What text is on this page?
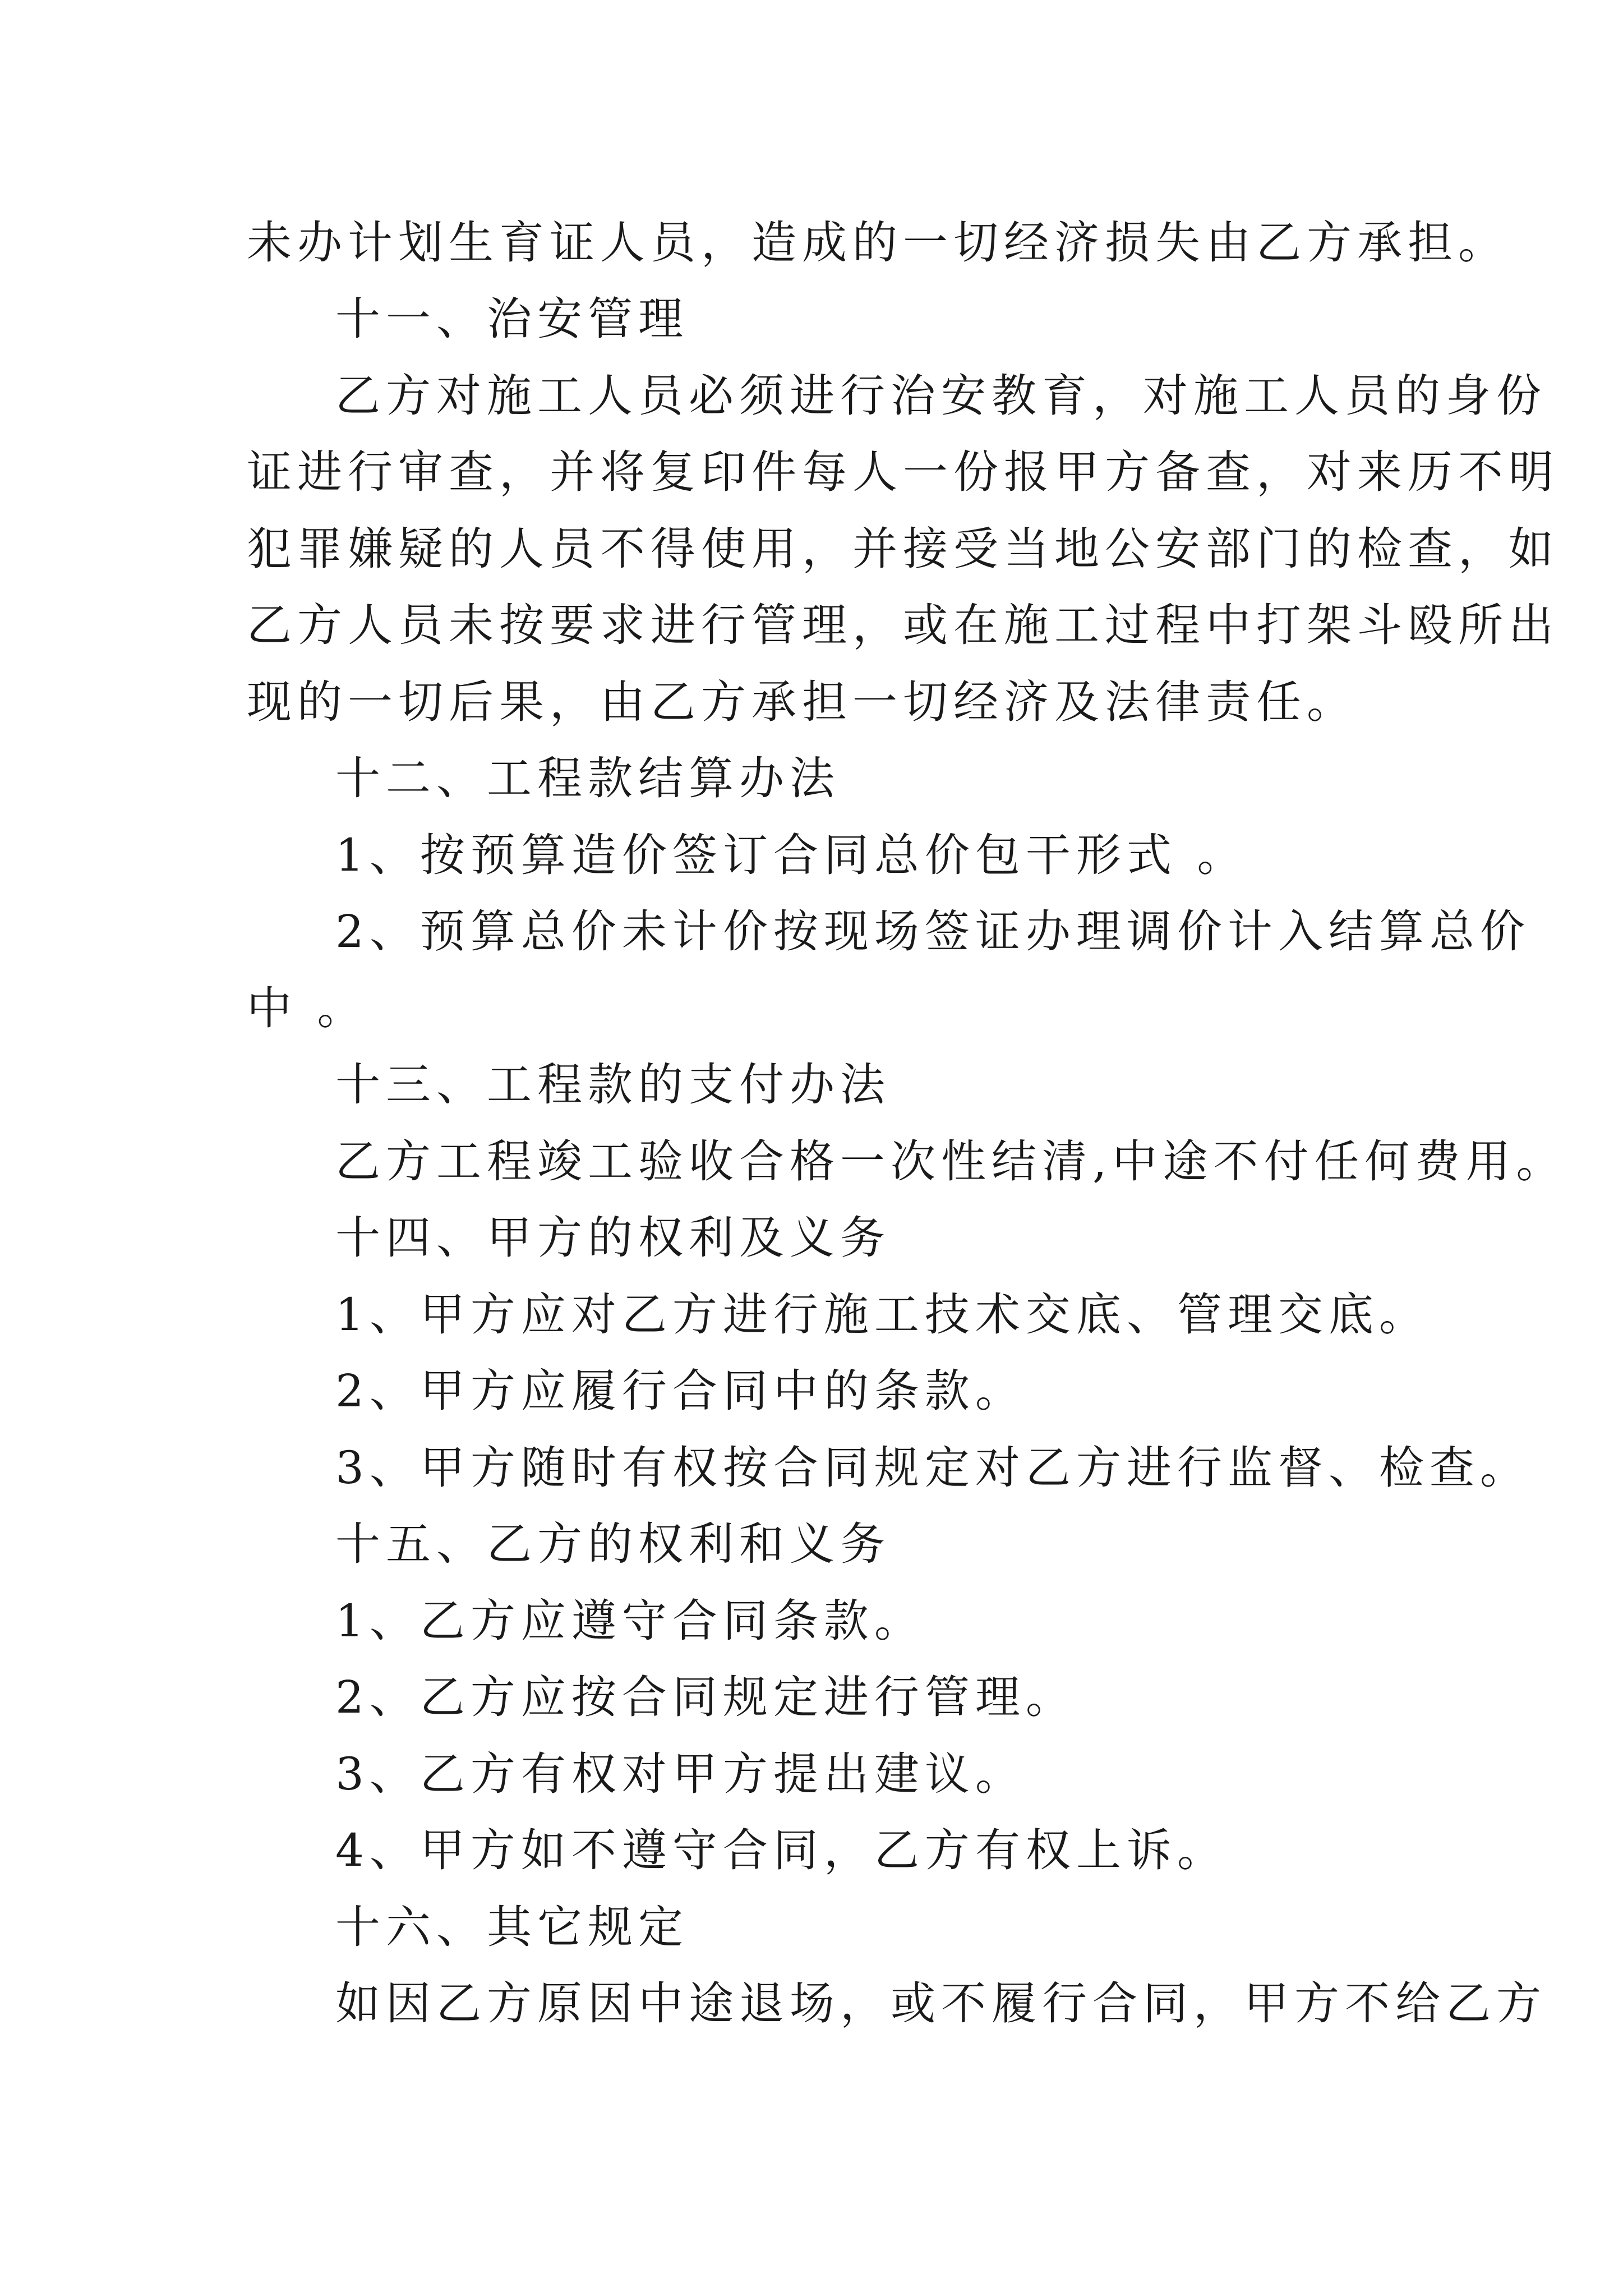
未办计划生育证人员，造成的一切经济损失由乙方承担。
十一、治安管理
乙方对施工人员必须进行治安教育，对施工人员的身份
证进行审查，并将复印件每人一份报甲方备查，对来历不明
犯罪嫌疑的人员不得使用，并接受当地公安部门的检查，如
乙方人员未按要求进行管理，或在施工过程中打架斗殴所出
现的一切后果，由乙方承担一切经济及法律责任。
十二、工程款结算办法
1、按预算造价签订合同总价包干形式 。
2、预算总价未计价按现场签证办理调价计入结算总价
中 。
十三、工程款的支付办法
乙方工程竣工验收合格一次性结清,中途不付任何费用。
十四、甲方的权利及义务
1、甲方应对乙方进行施工技术交底、管理交底。
2、甲方应履行合同中的条款。
3、甲方随时有权按合同规定对乙方进行监督、检查。
十五、乙方的权利和义务
1、乙方应遵守合同条款。
2、乙方应按合同规定进行管理。
3、乙方有权对甲方提出建议。
4、甲方如不遵守合同，乙方有权上诉。
十六、其它规定
如因乙方原因中途退场，或不履行合同，甲方不给乙方
